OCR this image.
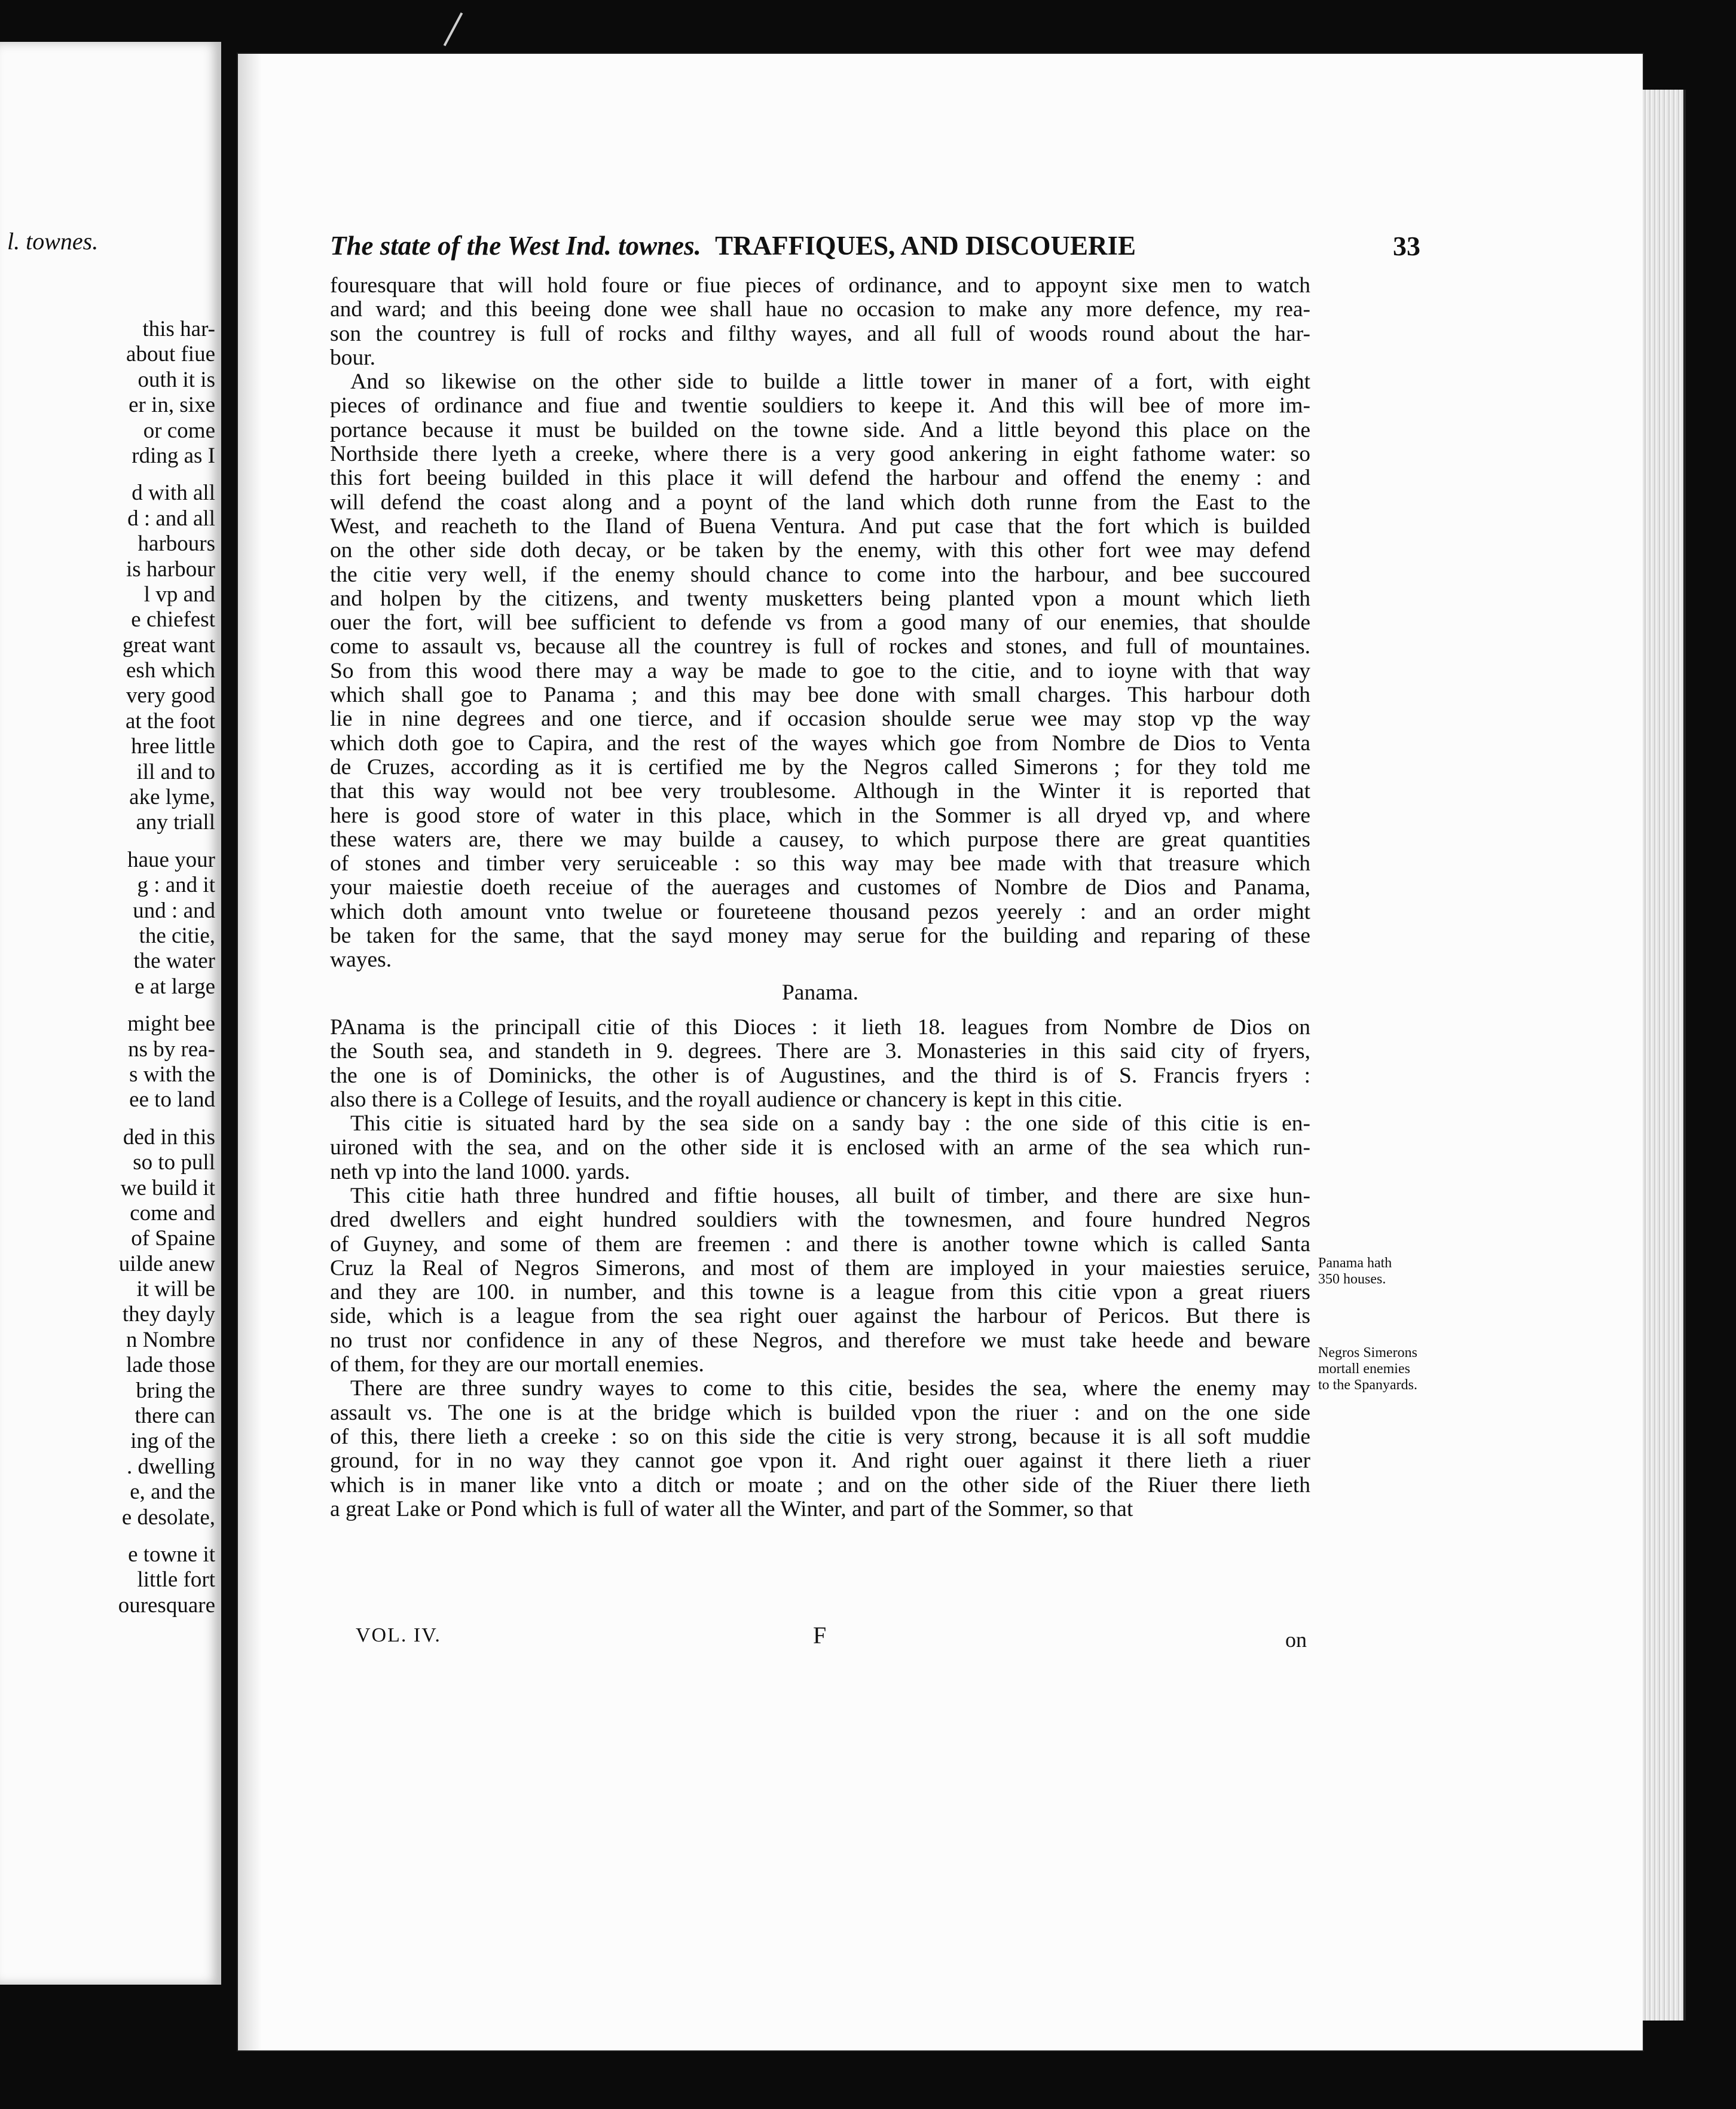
l. townes.
this har-
about fiue
outh it is
er in, sixe
or come
rding as I
d with all
d : and all
harbours
is harbour
l vp and
e chiefest
great want
esh which
very good
at the foot
hree little
ill and to
ake lyme,
any triall
haue your
g : and it
und : and
the citie,
the water
e at large
might bee
ns by rea-
s with the
ee to land
ded in this
so to pull
we build it
come and
of Spaine
uilde anew
it will be
they dayly
n Nombre
lade those
bring the
there can
ing of the
. dwelling
e, and the
e desolate,
e towne it
little fort
ouresquare
The state of the West Ind. townes. TRAFFIQUES, AND DISCOUERIE	33
fouresquare that will hold foure or fiue pieces of ordinance, and to appoynt sixe men to watch
and ward; and this beeing done wee shall haue no occasion to make any more defence, my rea-
son the countrey is full of rocks and filthy wayes, and all full of woods round about the har-
bour.
And so likewise on the other side to builde a little tower in maner of a fort, with eight
pieces of ordinance and fiue and twentie souldiers to keepe it. And this will bee of more im-
portance because it must be builded on the towne side. And a little beyond this place on the
Northside there lyeth a creeke, where there is a very good ankering in eight fathome water: so
this fort beeing builded in this place it will defend the harbour and offend the enemy : and
will defend the coast along and a poynt of the land which doth runne from the East to the
West, and reacheth to the Iland of Buena Ventura. And put case that the fort which is builded
on the other side doth decay, or be taken by the enemy, with this other fort wee may defend
the citie very well, if the enemy should chance to come into the harbour, and bee succoured
and holpen by the citizens, and twenty musketters being planted vpon a mount which lieth
ouer the fort, will bee sufficient to defende vs from a good many of our enemies, that shoulde
come to assault vs, because all the countrey is full of rockes and stones, and full of mountaines.
So from this wood there may a way be made to goe to the citie, and to ioyne with that way
which shall goe to Panama ; and this may bee done with small charges. This harbour doth
lie in nine degrees and one tierce, and if occasion shoulde serue wee may stop vp the way
which doth goe to Capira, and the rest of the wayes which goe from Nombre de Dios to Venta
de Cruzes, according as it is certified me by the Negros called Simerons ; for they told me
that this way would not bee very troublesome. Although in the Winter it is reported that
here is good store of water in this place, which in the Sommer is all dryed vp, and where
these waters are, there we may builde a causey, to which purpose there are great quantities
of stones and timber very seruiceable : so this way may bee made with that treasure which
your maiestie doeth receiue of the auerages and customes of Nombre de Dios and Panama,
which doth amount vnto twelue or foureteene thousand pezos yeerely : and an order might
be taken for the same, that the sayd money may serue for the building and reparing of these
wayes.
Panama.
PAnama is the principall citie of this Dioces : it lieth 18. leagues from Nombre de Dios on
the South sea, and standeth in 9. degrees. There are 3. Monasteries in this said city of fryers,
the one is of Dominicks, the other is of Augustines, and the third is of S. Francis fryers :
also there is a College of Iesuits, and the royall audience or chancery is kept in this citie.
This citie is situated hard by the sea side on a sandy bay : the one side of this citie is en-
uironed with the sea, and on the other side it is enclosed with an arme of the sea which run-
neth vp into the land 1000. yards.
This citie hath three hundred and fiftie houses, all built of timber, and there are sixe hun-
dred dwellers and eight hundred souldiers with the townesmen, and foure hundred Negros
of Guyney, and some of them are freemen : and there is another towne which is called Santa
Cruz la Real of Negros Simerons, and most of them are imployed in your maiesties seruice,
and they are 100. in number, and this towne is a league from this citie vpon a great riuers
side, which is a league from the sea right ouer against the harbour of Pericos. But there is
no trust nor confidence in any of these Negros, and therefore we must take heede and beware
of them, for they are our mortall enemies.
There are three sundry wayes to come to this citie, besides the sea, where the enemy may
assault vs. The one is at the bridge which is builded vpon the riuer : and on the one side
of this, there lieth a creeke : so on this side the citie is very strong, because it is all soft muddie
ground, for in no way they cannot goe vpon it. And right ouer against it there lieth a riuer
which is in maner like vnto a ditch or moate ; and on the other side of the Riuer there lieth
a great Lake or Pond which is full of water all the Winter, and part of the Sommer, so that
Panama hath
350 houses.
Negros Simerons
mortall enemies
to the Spanyards.
VOL. IV.	F	on
